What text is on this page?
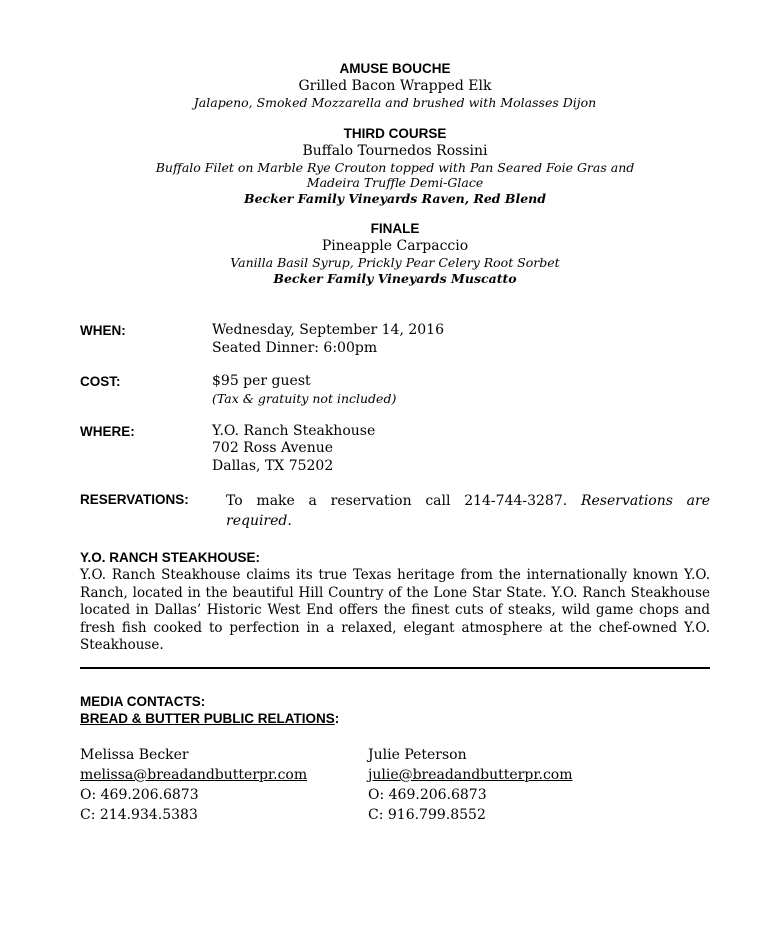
AMUSE BOUCHE
Grilled Bacon Wrapped Elk
Jalapeno, Smoked Mozzarella and brushed with Molasses Dijon
THIRD COURSE
Buffalo Tournedos Rossini
Buffalo Filet on Marble Rye Crouton topped with Pan Seared Foie Gras and
Madeira Truffle Demi-Glace
Becker Family Vineyards Raven, Red Blend
FINALE
Pineapple Carpaccio
Vanilla Basil Syrup, Prickly Pear Celery Root Sorbet
Becker Family Vineyards Muscatto
WHEN:	Wednesday, September 14, 2016
Seated Dinner: 6:00pm
COST:	$95 per guest
(Tax & gratuity not included)
WHERE:	Y.O. Ranch Steakhouse
702 Ross Avenue
Dallas, TX 75202
RESERVATIONS:	To make a reservation call 214-744-3287. Reservations are required.
Y.O. RANCH STEAKHOUSE:
Y.O. Ranch Steakhouse claims its true Texas heritage from the internationally known Y.O. Ranch, located in the beautiful Hill Country of the Lone Star State. Y.O. Ranch Steakhouse located in Dallas’ Historic West End offers the finest cuts of steaks, wild game chops and fresh fish cooked to perfection in a relaxed, elegant atmosphere at the chef-owned Y.O. Steakhouse.
MEDIA CONTACTS:
BREAD & BUTTER PUBLIC RELATIONS:
Melissa Becker
melissa@breadandbutterpr.com
O: 469.206.6873
C: 214.934.5383
Julie Peterson
julie@breadandbutterpr.com
O: 469.206.6873
C: 916.799.8552
